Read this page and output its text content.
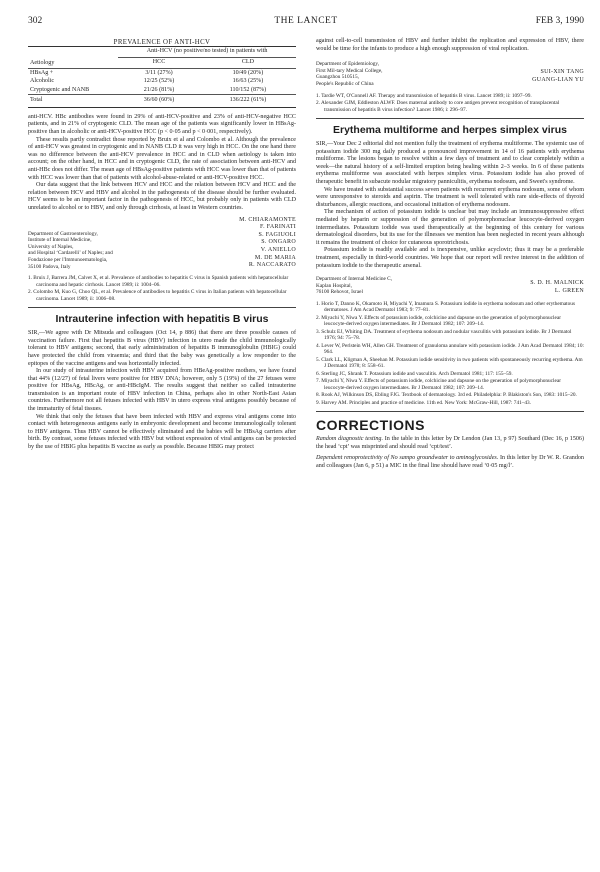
302	THE LANCET	FEB 3, 1990
PREVALENCE OF ANTI-HCV		
Aetiology	Anti-HCV (no positive/no tested) in patients with	
	HCC	CLD
HBsAg +	3/11 (27%)	10/49 (20%)
Alcoholic	12/25 (52%)	16/63 (25%)
Cryptogenic and NANB	21/26 (81%)	110/152 (87%)
Total	36/60 (60%)	136/222 (61%)

anti-HCV. HBc antibodies were found in 29% of anti-HCV-positive and 23% of anti-HCV-negative HCC patients, and in 21% of cryptogenic CLD. The mean age of the patients was significantly lower in HBsAg-positive than in alcoholic or anti-HCV-positive HCC (p < 0·05 and p < 0·001, respectively).

These results partly contradict those reported by Bruix et al and Colombo et al. Although the prevalence of anti-HCV was greatest in cryptogenic and in NANB CLD it was very high in HCC. On the one hand there was no difference between the anti-HCV prevalence in HCC and in CLD when aetiology is taken into account; on the other hand, in HCC and in cryptogenic CLD, the rate of association between anti-HCV and anti-HBc does not differ. The mean age of HBsAg-positive patients with HCC was lower than that of patients with HCC was lower than that of patients with alcohol-abuse-related or anti-HCV-positive HCC.

Our data suggest that the link between HCV and HCC and the relation between HCV and HCC and the relation between HCV and HBV and alcohol in the pathogenesis of the disease should be further evaluated. HCV seems to be an important factor in the pathogenesis of HCC, but probably only in patients with CLD unrelated to alcohol or to HBV, and only through cirrhosis, at least in Western countries.

Department of Gastroenterology,
Institute of Internal Medicine,
University of Naples,
and Hospital ‘Cardarelli’ of Naples; and
Fondazione per l'Immunoematologia,
35100 Padova, Italy
M. CHIARAMONTE
F. FARINATI
S. FAGIUOLI
S. ONGARO
V. ANIELLO
M. DE MARIA
R. NACCARATO
1. Bruix J, Barrera JM, Calvet X, et al. Prevalence of antibodies to hepatitis C virus in Spanish patients with hepatocellular carcinoma and hepatic cirrhosis. Lancet 1989; ii: 1004–06.
2. Colombo M, Kuo G, Choo QL, et al. Prevalence of antibodies to hepatitis C virus in Italian patients with hepatocellular carcinoma. Lancet 1989; ii: 1006–08.
Intrauterine infection with hepatitis B virus

SIR,—We agree with Dr Mitsuda and colleagues (Oct 14, p 886) that there are three possible causes of vaccination failure. First that hepatitis B virus (HBV) infection in utero made the child immunologically tolerant to HBV antigens; second, that early administration of hepatitis B immunoglobulin (HBIG) could have protected the child from viraemia; and third that the baby was genetically a low responder to the epitopes of the vaccine antigens and was horizontally infected.

In our study of intrauterine infection with HBV acquired from HBeAg-positive mothers, we have found that 44% (12/27) of fetal livers were positive for HBV DNA; however, only 5 (19%) of the 27 fetuses were positive for HBsAg, HBcAg, or anti-HBcIgM. The results suggest that neither so called intrauterine transmission is an important route of HBV infection in China, perhaps also in other North-East Asian countries. Furthermore not all fetuses infected with HBV in utero express viral antigens possibly because of the immaturity of fetal tissues.

We think that only the fetuses that have been infected with HBV and express viral antigens come into contact with heterogeneous antigens early in embryonic development and become immunologically tolerant to HBV antigens. Thus HBV cannot be effectively eliminated and the babies will be HBsAg carriers after birth. By contrast, some fetuses infected with HBV but without expression of viral antigens can be protected by the use of HBIG plus hepatitis B vaccine as early as possible. Because HBIG may protect

against cell-to-cell transmission of HBV and further inhibit the replication and expression of HBV, there would be time for the infants to produce a high enough suppression of viral replication.

Department of Epidemiology,
First Mil‑tary Medical College,
Guangzhou 510515,
People's Republic of China
SUI-XIN TANG
GUANG-LIAN YU
1. Tardie WT, O'Connell AF. Therapy and transmission of hepatitis B virus. Lancet 1989; ii: 1097–99.
2. Alexander GJM, Eddleston ALWF. Does maternal antibody to core antigen prevent recognition of transplacental transmission of hepatitis B virus infection? Lancet 1986; i: 296–97.
Erythema multiforme and herpes simplex virus

SIR,—Your Dec 2 editorial did not mention fully the treatment of erythema multiforme. The systemic use of potassium iodide 300 mg daily produced a pronounced improvement in 14 of 16 patients with erythema multiforme. The lesions began to resolve within a few days of treatment and to clear completely within a week—the natural history of a self-limited eruption being healing within 2–3 weeks. In 6 of these patients erythema multiforme was associated with herpes simplex virus. Potassium iodide has also proved of therapeutic benefit in subacute nodular migratory panniculitis, erythema nodosum, and Sweet's syndrome.

We have treated with substantial success seven patients with recurrent erythema nodosum, some of whom were unresponsive to steroids and aspirin. The treatment is well tolerated with rare side-effects of thyroid disturbances, allergic reactions, and occasional initiation of erythema nodosum.

The mechanism of action of potassium iodide is unclear but may include an immunosuppressive effect mediated by heparin or suppression of the generation of polymorphonuclear leucocyte-derived oxygen intermediates. Potassium iodide was used therapeutically at the beginning of this century for various dermatological disorders, but its use for the illnesses we mention has been neglected in recent years although it remains the treatment of choice for cutaneous sporotrichosis.

Potassium iodide is readily available and is inexpensive, unlike acyclovir; thus it may be a preferable treatment, especially in third-world countries. We hope that our report will revive interest in the addition of potassium iodide to the therapeutic arsenal.

Department of Internal Medicine C,
Kaplan Hospital,
76100 Rehovot, Israel
S. D. H. MALNICK
L. GREEN
1. Horio T, Danno K, Okamoto H, Miyachi Y, Imamura S. Potassium iodide in erythema nodosum and other erythematous dermatoses. J Am Acad Dermatol 1983; 9: 77–81.
2. Miyachi Y, Niwa Y. Effects of potassium iodide, colchicine and dapsone on the generation of polymorphonuclear leucocyte-derived oxygen intermediates. Br J Dermatol 1982; 107: 209–14.
3. Schulz EJ, Whiting DA. Treatment of erythema nodosum and nodular vasculitis with potassium iodide. Br J Dermatol 1976; 94: 75–78.
4. Lever W, Perlstein WH, Allen GH. Treatment of granuloma annulare with potassium iodide. J Am Acad Dermatol 1984; 10: 964.
5. Clark LL, Kligman A, Sheehan M. Potassium iodide sensitivity in two patients with spontaneously recurring erythema. Am J Dermatol 1978; 8: 558–61.
6. Sterling JC, Shrank T. Potassium iodide and vasculitis. Arch Dermatol 1981; 117: 155–59.
7. Miyachi Y, Niwa Y. Effects of potassium iodide, colchicine and dapsone on the generation of polymorphonuclear leucocyte-derived oxygen intermediates. Br J Dermatol 1982; 107: 209–14.
8. Rook AJ, Wilkinson DS, Ebling FJG. Textbook of dermatology. 3rd ed. Philadelphia: P. Blakiston's Son, 1983: 1015–20.
9. Harvey AM. Principles and practice of medicine. 11th ed. New York: McGraw-Hill, 1987: 741–43.
CORRECTIONS

Random diagnostic testing. In the table in this letter by Dr Lendon (Jan 13, p 97) Southard (Dec 16, p 1506) the head ‘cpt’ was misprinted and should read ‘cpt/test’.

Dependent renoprotectivity of No sampo groundwater to aminoglycosides. In this letter by Dr W. R. Grandon and colleagues (Jan 6, p 51) a MIC in the final line should have read ‘0·05 mg/l’.
